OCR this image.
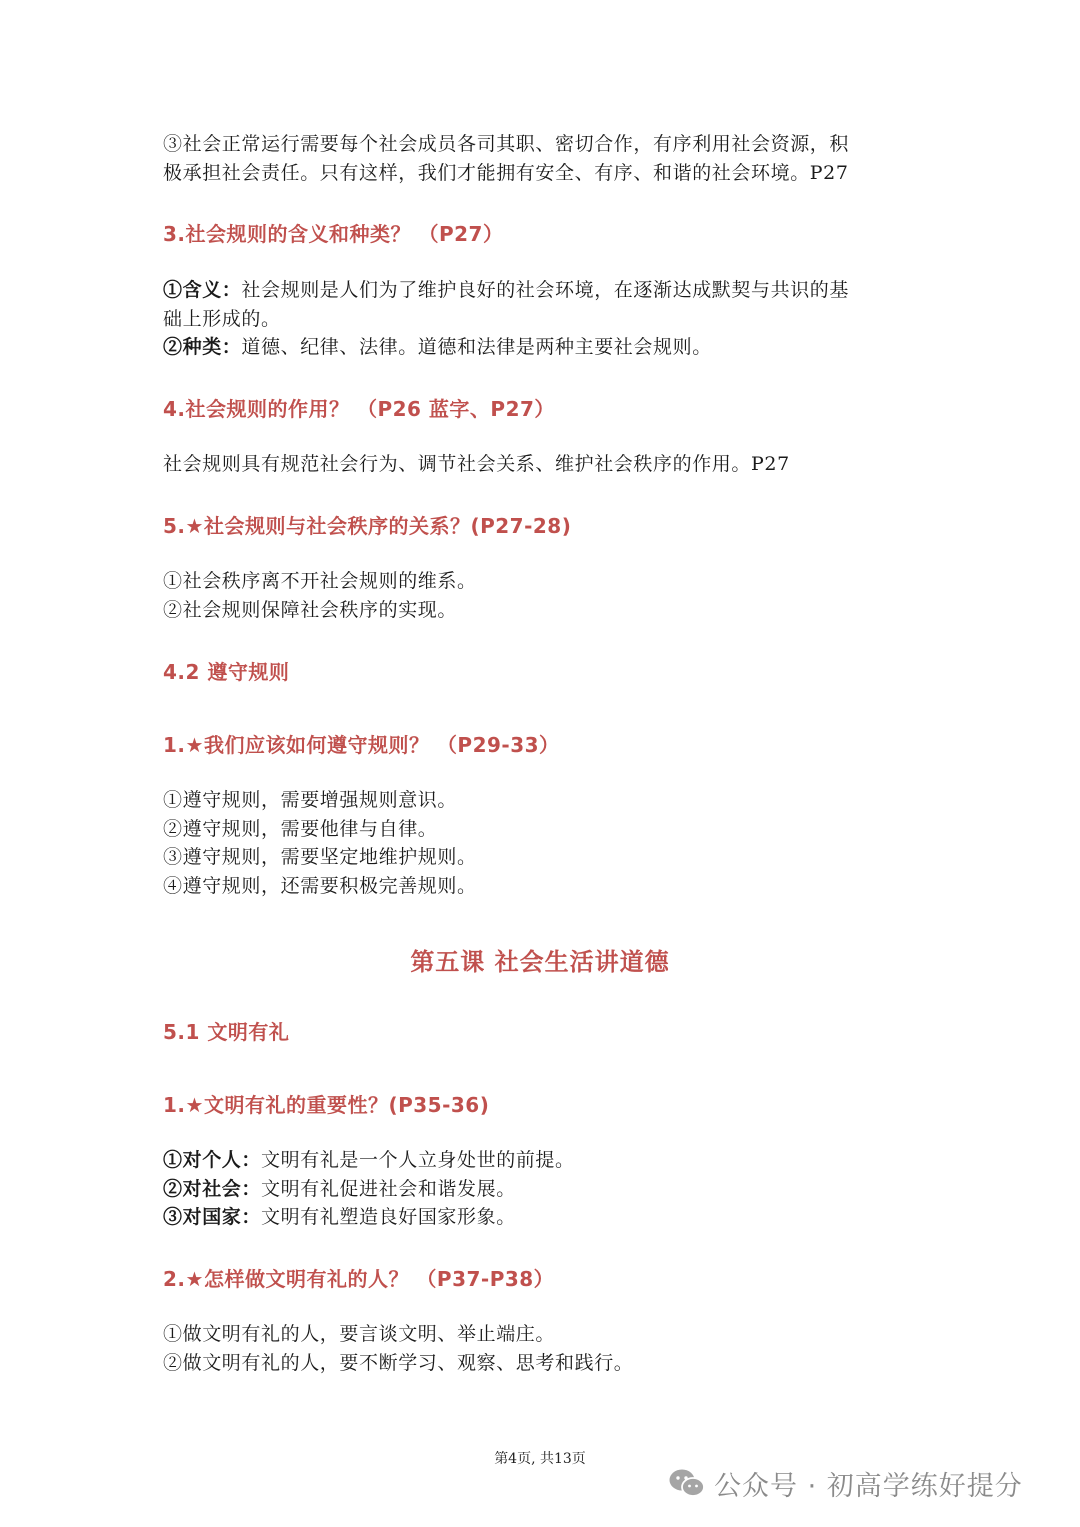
③社会正常运行需要每个社会成员各司其职、密切合作，有序利用社会资源，积
极承担社会责任。只有这样，我们才能拥有安全、有序、和谐的社会环境。P27

3.社会规则的含义和种类？ （P27）

①含义：社会规则是人们为了维护良好的社会环境，在逐渐达成默契与共识的基
础上形成的。
②种类：道德、纪律、法律。道德和法律是两种主要社会规则。

4.社会规则的作用？ （P26 蓝字、P27）

社会规则具有规范社会行为、调节社会关系、维护社会秩序的作用。P27

5.★社会规则与社会秩序的关系？(P27-28)

①社会秩序离不开社会规则的维系。
②社会规则保障社会秩序的实现。

4.2 遵守规则
1.★我们应该如何遵守规则？ （P29-33）

①遵守规则，需要增强规则意识。
②遵守规则，需要他律与自律。
③遵守规则，需要坚定地维护规则。
④遵守规则，还需要积极完善规则。

第五课 社会生活讲道德
5.1 文明有礼
1.★文明有礼的重要性？(P35-36)

①对个人：文明有礼是一个人立身处世的前提。
②对社会：文明有礼促进社会和谐发展。
③对国家：文明有礼塑造良好国家形象。

2.★怎样做文明有礼的人？ （P37-P38）

①做文明有礼的人，要言谈文明、举止端庄。
②做文明有礼的人，要不断学习、观察、思考和践行。

第4页, 共13页
公众号 · 初高学练好提分
